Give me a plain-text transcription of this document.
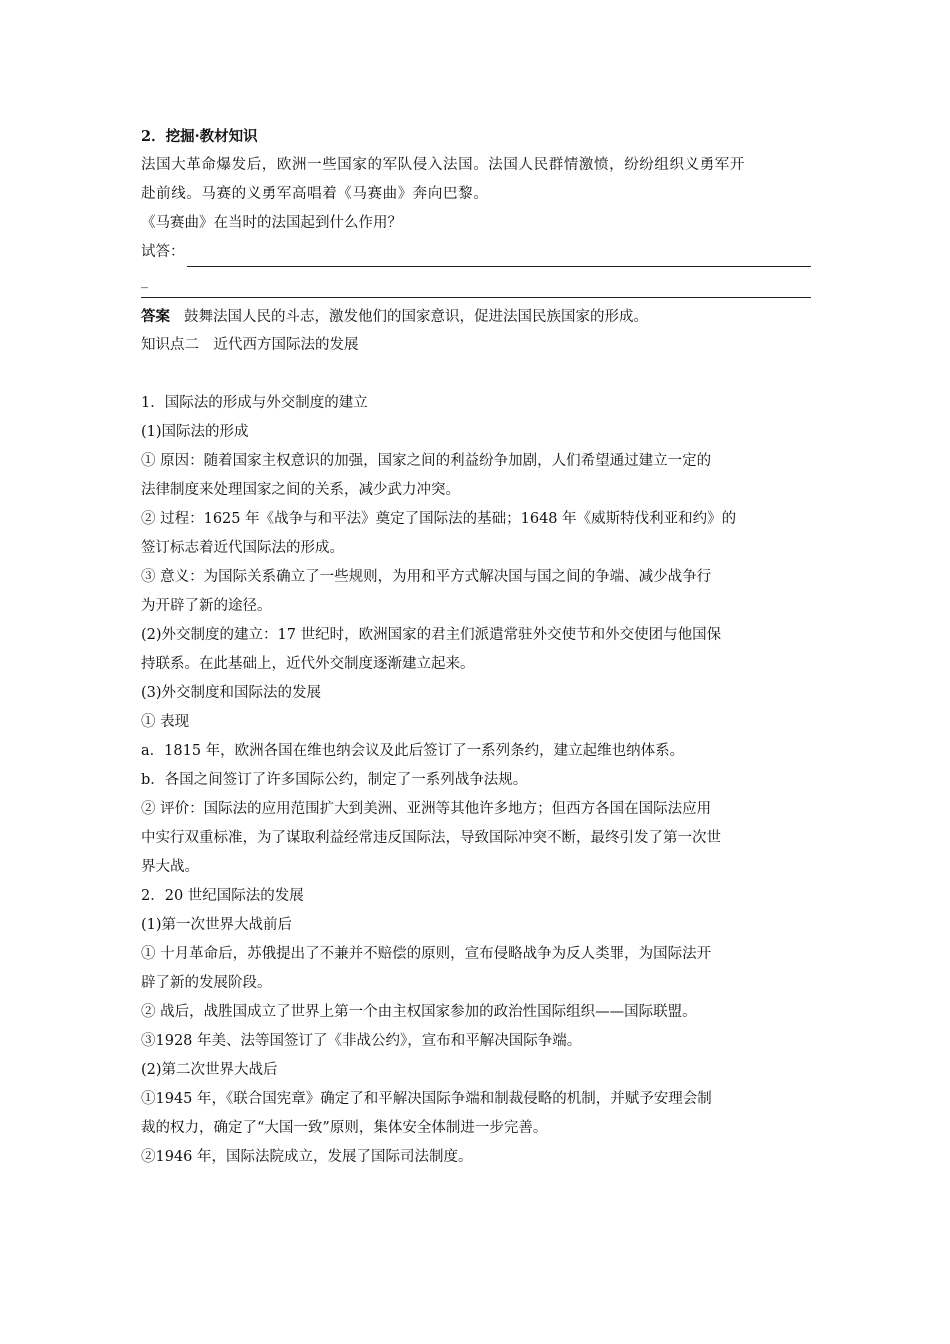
2．挖掘·教材知识
法国大革命爆发后，欧洲一些国家的军队侵入法国。法国人民群情激愤，纷纷组织义勇军开
赴前线。马赛的义勇军高唱着《马赛曲》奔向巴黎。
《马赛曲》在当时的法国起到什么作用？
试答：
_
答案 鼓舞法国人民的斗志，激发他们的国家意识，促进法国民族国家的形成。
知识点二　近代西方国际法的发展
1．国际法的形成与外交制度的建立
(1)国际法的形成
① 原因：随着国家主权意识的加强，国家之间的利益纷争加剧，人们希望通过建立一定的
法律制度来处理国家之间的关系，减少武力冲突。
② 过程：1625 年《战争与和平法》奠定了国际法的基础；1648 年《威斯特伐利亚和约》的
签订标志着近代国际法的形成。
③ 意义：为国际关系确立了一些规则，为用和平方式解决国与国之间的争端、减少战争行
为开辟了新的途径。
(2)外交制度的建立：17 世纪时，欧洲国家的君主们派遣常驻外交使节和外交使团与他国保
持联系。在此基础上，近代外交制度逐渐建立起来。
(3)外交制度和国际法的发展
① 表现
a．1815 年，欧洲各国在维也纳会议及此后签订了一系列条约，建立起维也纳体系。
b．各国之间签订了许多国际公约，制定了一系列战争法规。
② 评价：国际法的应用范围扩大到美洲、亚洲等其他许多地方；但西方各国在国际法应用
中实行双重标准，为了谋取利益经常违反国际法，导致国际冲突不断，最终引发了第一次世
界大战。
2．20 世纪国际法的发展
(1)第一次世界大战前后
① 十月革命后，苏俄提出了不兼并不赔偿的原则，宣布侵略战争为反人类罪，为国际法开
辟了新的发展阶段。
② 战后，战胜国成立了世界上第一个由主权国家参加的政治性国际组织——国际联盟。
③1928 年美、法等国签订了《非战公约》，宣布和平解决国际争端。
(2)第二次世界大战后
①1945 年，《联合国宪章》确定了和平解决国际争端和制裁侵略的机制，并赋予安理会制
裁的权力，确定了“大国一致”原则，集体安全体制进一步完善。
②1946 年，国际法院成立，发展了国际司法制度。
